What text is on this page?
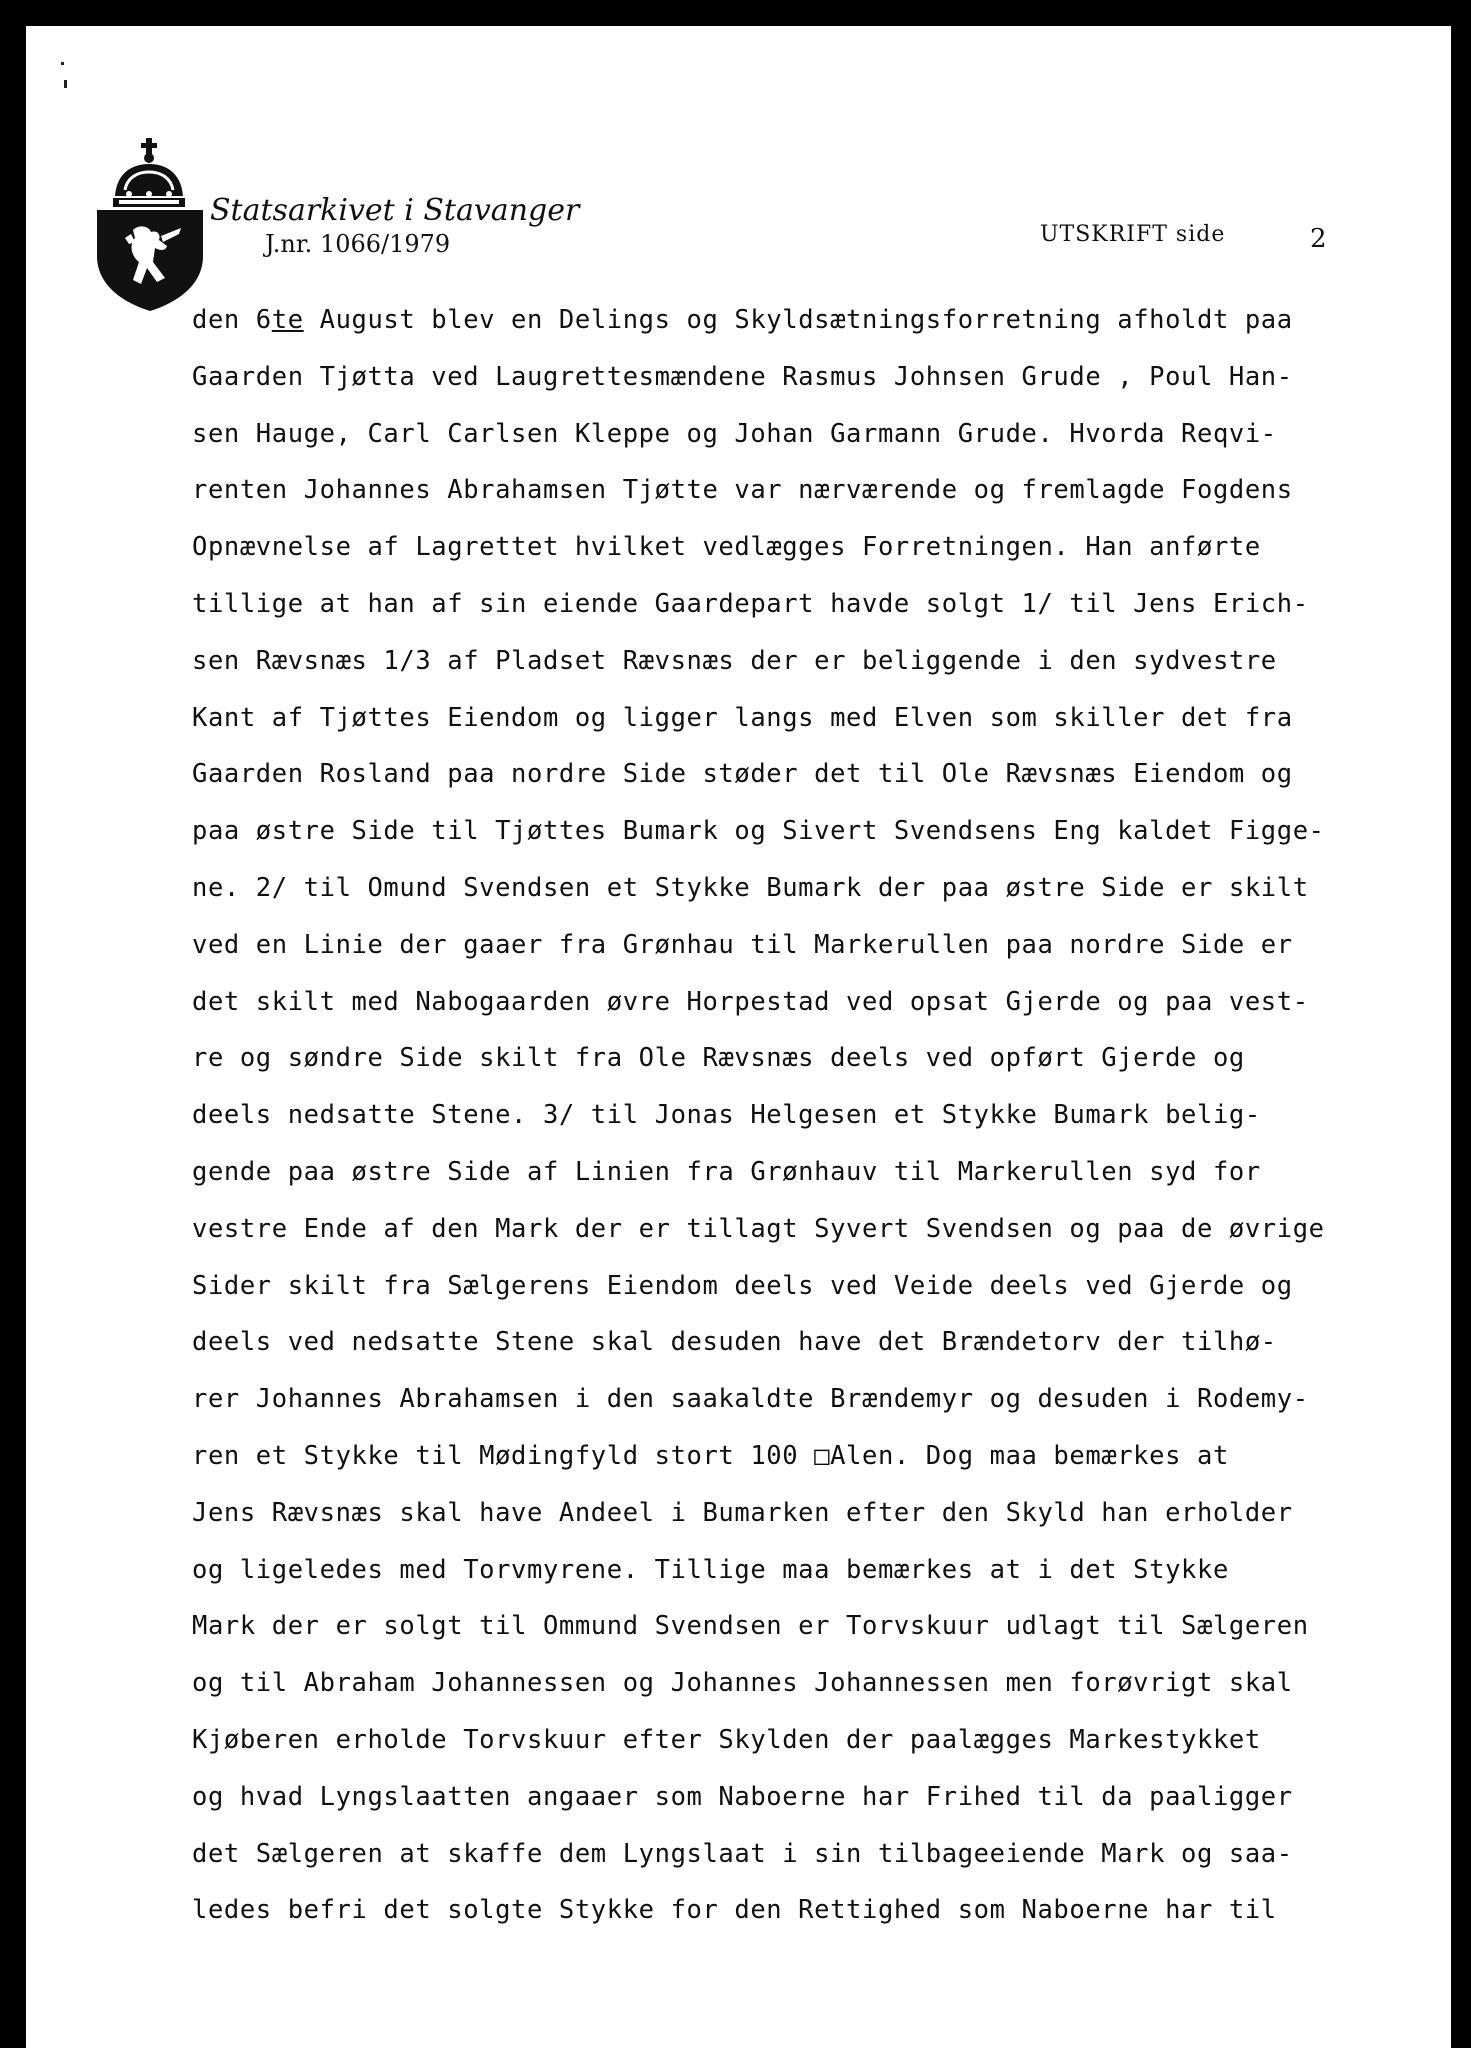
Statsarkivet i Stavanger
J.nr. 1066/1979	UTSKRIFT side	2
den 6te August blev en Delings og Skyldsætningsforretning afholdt paa
Gaarden Tjøtta ved Laugrettesmændene Rasmus Johnsen Grude , Poul Han-
sen Hauge, Carl Carlsen Kleppe og Johan Garmann Grude. Hvorda Reqvi-
renten Johannes Abrahamsen Tjøtte var nærværende og fremlagde Fogdens
Opnævnelse af Lagrettet hvilket vedlægges Forretningen. Han anførte
tillige at han af sin eiende Gaardepart havde solgt 1/ til Jens Erich-
sen Rævsnæs 1/3 af Pladset Rævsnæs der er beliggende i den sydvestre
Kant af Tjøttes Eiendom og ligger langs med Elven som skiller det fra
Gaarden Rosland paa nordre Side støder det til Ole Rævsnæs Eiendom og
paa østre Side til Tjøttes Bumark og Sivert Svendsens Eng kaldet Figge-
ne. 2/ til Omund Svendsen et Stykke Bumark der paa østre Side er skilt
ved en Linie der gaaer fra Grønhau til Markerullen paa nordre Side er
det skilt med Nabogaarden øvre Horpestad ved opsat Gjerde og paa vest-
re og søndre Side skilt fra Ole Rævsnæs deels ved opført Gjerde og
deels nedsatte Stene. 3/ til Jonas Helgesen et Stykke Bumark belig-
gende paa østre Side af Linien fra Grønhauv til Markerullen syd for
vestre Ende af den Mark der er tillagt Syvert Svendsen og paa de øvrige
Sider skilt fra Sælgerens Eiendom deels ved Veide deels ved Gjerde og
deels ved nedsatte Stene skal desuden have det Brændetorv der tilhø-
rer Johannes Abrahamsen i den saakaldte Brændemyr og desuden i Rodemy-
ren et Stykke til Mødingfyld stort 100 □Alen. Dog maa bemærkes at
Jens Rævsnæs skal have Andeel i Bumarken efter den Skyld han erholder
og ligeledes med Torvmyrene. Tillige maa bemærkes at i det Stykke
Mark der er solgt til Ommund Svendsen er Torvskuur udlagt til Sælgeren
og til Abraham Johannessen og Johannes Johannessen men forøvrigt skal
Kjøberen erholde Torvskuur efter Skylden der paalægges Markestykket
og hvad Lyngslaatten angaaer som Naboerne har Frihed til da paaligger
det Sælgeren at skaffe dem Lyngslaat i sin tilbageeiende Mark og saa-
ledes befri det solgte Stykke for den Rettighed som Naboerne har til
